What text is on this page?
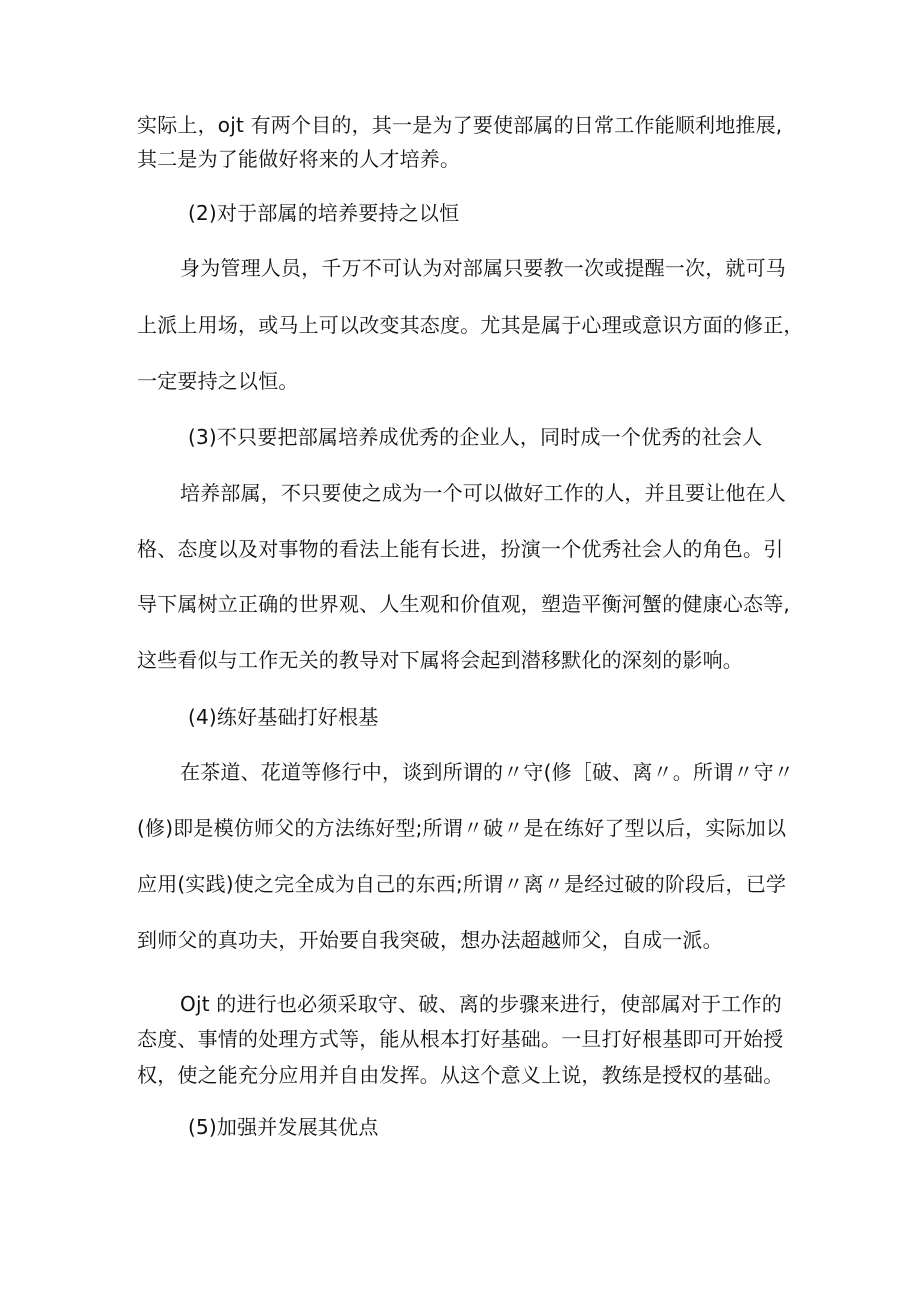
实际上，ojt 有两个目的，其一是为了要使部属的日常工作能顺利地推展,
其二是为了能做好将来的人才培养。
(2)对于部属的培养要持之以恒
身为管理人员，千万不可认为对部属只要教一次或提醒一次，就可马
上派上用场，或马上可以改变其态度。尤其是属于心理或意识方面的修正，
一定要持之以恒。
(3)不只要把部属培养成优秀的企业人，同时成一个优秀的社会人
培养部属，不只要使之成为一个可以做好工作的人，并且要让他在人
格、态度以及对事物的看法上能有长进，扮演一个优秀社会人的角色。引
导下属树立正确的世界观、人生观和价值观，塑造平衡河蟹的健康心态等,
这些看似与工作无关的教导对下属将会起到潜移默化的深刻的影响。
(4)练好基础打好根基
在茶道、花道等修行中，谈到所谓的〃守(修［破、离〃。所谓〃守〃
(修)即是模仿师父的方法练好型;所谓〃破〃是在练好了型以后，实际加以
应用(实践)使之完全成为自己的东西;所谓〃离〃是经过破的阶段后，已学
到师父的真功夫，开始要自我突破，想办法超越师父，自成一派。
Ojt 的进行也必须采取守、破、离的步骤来进行，使部属对于工作的
态度、事情的处理方式等，能从根本打好基础。一旦打好根基即可开始授
权，使之能充分应用并自由发挥。从这个意义上说，教练是授权的基础。
(5)加强并发展其优点
